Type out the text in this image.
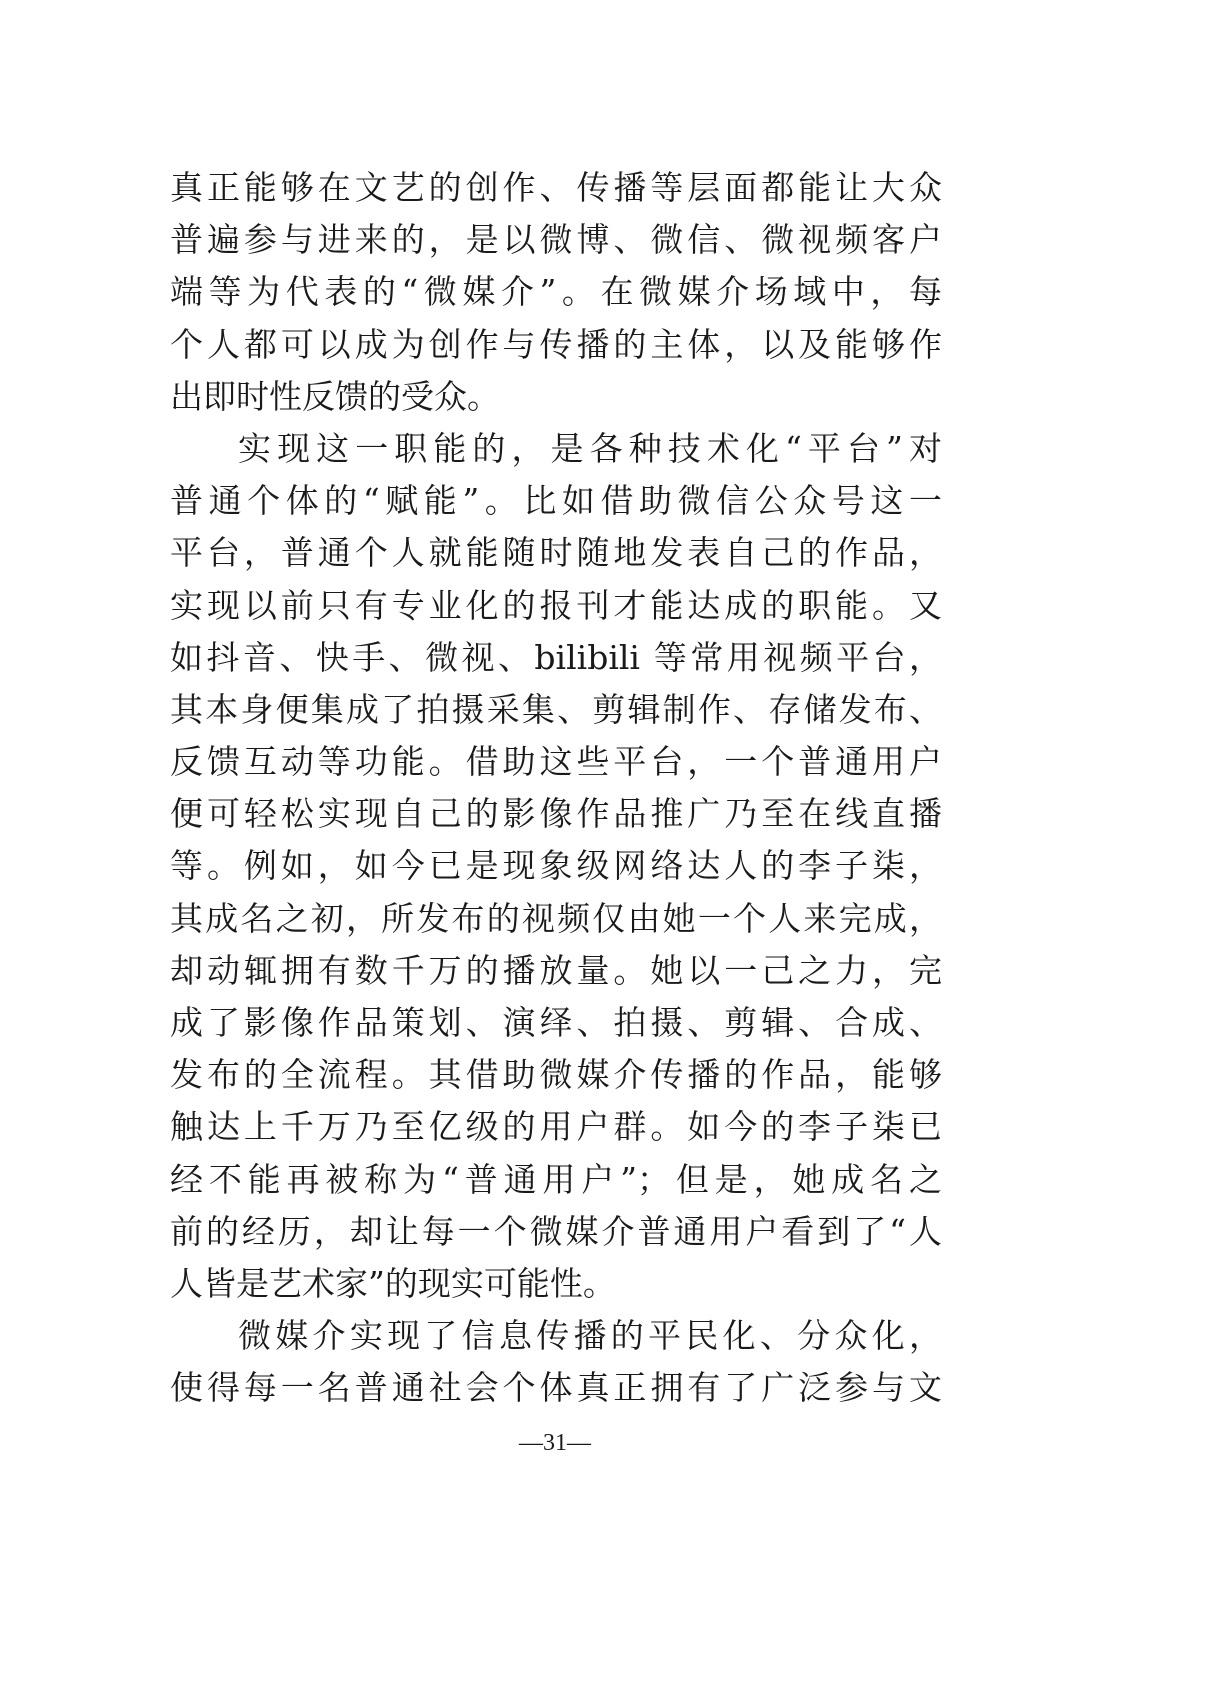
真正能够在文艺的创作、传播等层面都能让大众
普遍参与进来的，是以微博、微信、微视频客户
端等为代表的“微媒介”。在微媒介场域中，每
个人都可以成为创作与传播的主体，以及能够作
出即时性反馈的受众。
实现这一职能的，是各种技术化“平台”对
普通个体的“赋能”。比如借助微信公众号这一
平台，普通个人就能随时随地发表自己的作品，
实现以前只有专业化的报刊才能达成的职能。又
如抖音、快手、微视、bilibili 等常用视频平台，
其本身便集成了拍摄采集、剪辑制作、存储发布、
反馈互动等功能。借助这些平台，一个普通用户
便可轻松实现自己的影像作品推广乃至在线直播
等。例如，如今已是现象级网络达人的李子柒，
其成名之初，所发布的视频仅由她一个人来完成，
却动辄拥有数千万的播放量。她以一己之力，完
成了影像作品策划、演绎、拍摄、剪辑、合成、
发布的全流程。其借助微媒介传播的作品，能够
触达上千万乃至亿级的用户群。如今的李子柒已
经不能再被称为“普通用户”；但是，她成名之
前的经历，却让每一个微媒介普通用户看到了“人
人皆是艺术家”的现实可能性。
微媒介实现了信息传播的平民化、分众化，
使得每一名普通社会个体真正拥有了广泛参与文
—31—
